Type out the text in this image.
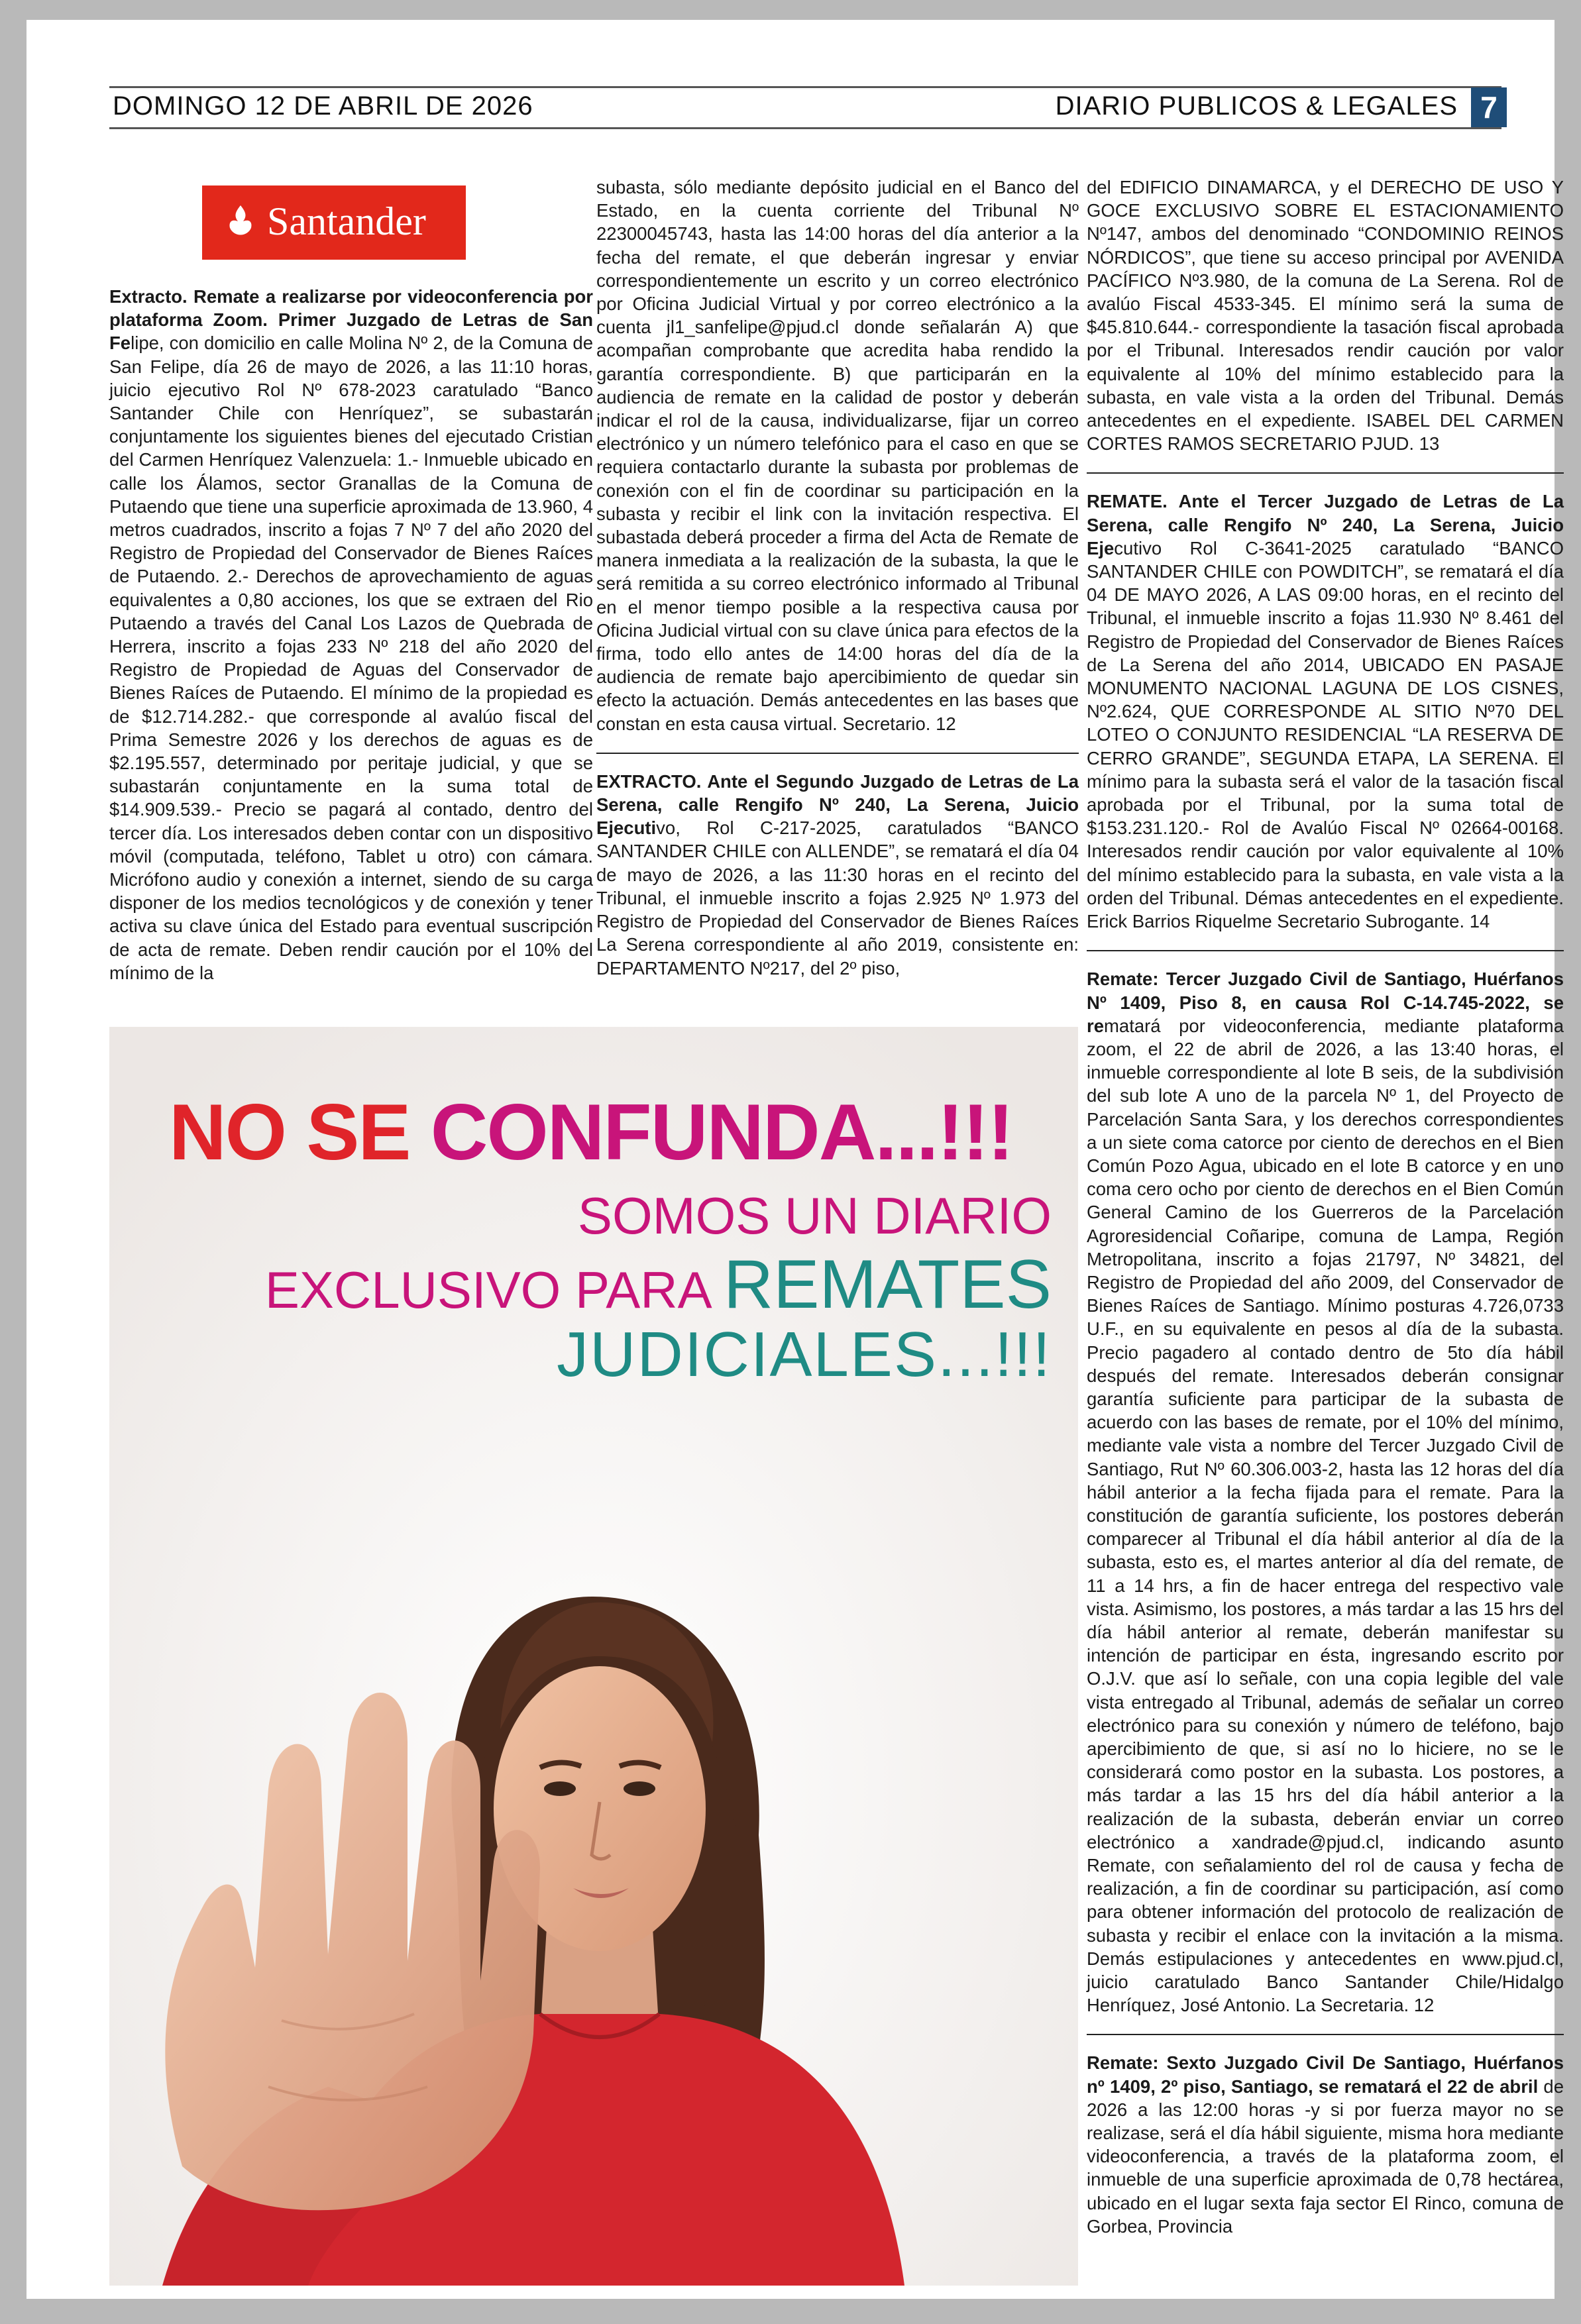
DOMINGO 12 DE ABRIL DE 2026	DIARIO PUBLICOS & LEGALES 7
Santander

Extracto. Remate a realizarse por videoconferencia por plataforma Zoom. Primer Juzgado de Letras de San Felipe, con domicilio en calle Molina Nº 2, de la Comuna de San Felipe, día 26 de mayo de 2026, a las 11:10 horas, juicio ejecutivo Rol Nº 678-2023 caratulado “Banco Santander Chile con Henríquez”, se subastarán conjuntamente los siguientes bienes del ejecutado Cristian del Carmen Henríquez Valenzuela: 1.- Inmueble ubicado en calle los Álamos, sector Granallas de la Comuna de Putaendo que tiene una superficie aproximada de 13.960, 4 metros cuadrados, inscrito a fojas 7 Nº 7 del año 2020 del Registro de Propiedad del Conservador de Bienes Raíces de Putaendo. 2.- Derechos de aprovechamiento de aguas equivalentes a 0,80 acciones, los que se extraen del Rio Putaendo a través del Canal Los Lazos de Quebrada de Herrera, inscrito a fojas 233 Nº 218 del año 2020 del Registro de Propiedad de Aguas del Conservador de Bienes Raíces de Putaendo. El mínimo de la propiedad es de $12.714.282.- que corresponde al avalúo fiscal del Prima Semestre 2026 y los derechos de aguas es de $2.195.557, determinado por peritaje judicial, y que se subastarán conjuntamente en la suma total de $14.909.539.- Precio se pagará al contado, dentro del tercer día. Los interesados deben contar con un dispositivo móvil (computada, teléfono, Tablet u otro) con cámara. Micrófono audio y conexión a internet, siendo de su carga disponer de los medios tecnológicos y de conexión y tener activa su clave única del Estado para eventual suscripción de acta de remate. Deben rendir caución por el 10% del mínimo de la

subasta, sólo mediante depósito judicial en el Banco del Estado, en la cuenta corriente del Tribunal Nº 22300045743, hasta las 14:00 horas del día anterior a la fecha del remate, el que deberán ingresar y enviar correspondientemente un escrito y un correo electrónico por Oficina Judicial Virtual y por correo electrónico a la cuenta jl1_sanfelipe@pjud.cl donde señalarán A) que acompañan comprobante que acredita haba rendido la garantía correspondiente. B) que participarán en la audiencia de remate en la calidad de postor y deberán indicar el rol de la causa, individualizarse, fijar un correo electrónico y un número telefónico para el caso en que se requiera contactarlo durante la subasta por problemas de conexión con el fin de coordinar su participación en la subasta y recibir el link con la invitación respectiva. El subastada deberá proceder a firma del Acta de Remate de manera inmediata a la realización de la subasta, la que le será remitida a su correo electrónico informado al Tribunal en el menor tiempo posible a la respectiva causa por Oficina Judicial virtual con su clave única para efectos de la firma, todo ello antes de 14:00 horas del día de la audiencia de remate bajo apercibimiento de quedar sin efecto la actuación. Demás antecedentes en las bases que constan en esta causa virtual. Secretario. 12

EXTRACTO. Ante el Segundo Juzgado de Letras de La Serena, calle Rengifo Nº 240, La Serena, Juicio Ejecutivo, Rol C-217-2025, caratulados “BANCO SANTANDER CHILE con ALLENDE”, se rematará el día 04 de mayo de 2026, a las 11:30 horas en el recinto del Tribunal, el inmueble inscrito a fojas 2.925 Nº 1.973 del Registro de Propiedad del Conservador de Bienes Raíces La Serena correspondiente al año 2019, consistente en: DEPARTAMENTO Nº217, del 2º piso,

del EDIFICIO DINAMARCA, y el DERECHO DE USO Y GOCE EXCLUSIVO SOBRE EL ESTACIONAMIENTO Nº147, ambos del denominado “CONDOMINIO REINOS NÓRDICOS”, que tiene su acceso principal por AVENIDA PACÍFICO Nº3.980, de la comuna de La Serena. Rol de avalúo Fiscal 4533-345. El mínimo será la suma de $45.810.644.- correspondiente la tasación fiscal aprobada por el Tribunal. Interesados rendir caución por valor equivalente al 10% del mínimo establecido para la subasta, en vale vista a la orden del Tribunal. Demás antecedentes en el expediente. ISABEL DEL CARMEN CORTES RAMOS SECRETARIO PJUD. 13

REMATE. Ante el Tercer Juzgado de Letras de La Serena, calle Rengifo Nº 240, La Serena, Juicio Ejecutivo Rol C-3641-2025 caratulado “BANCO SANTANDER CHILE con POWDITCH”, se rematará el día 04 DE MAYO 2026, A LAS 09:00 horas, en el recinto del Tribunal, el inmueble inscrito a fojas 11.930 Nº 8.461 del Registro de Propiedad del Conservador de Bienes Raíces de La Serena del año 2014, UBICADO EN PASAJE MONUMENTO NACIONAL LAGUNA DE LOS CISNES, Nº2.624, QUE CORRESPONDE AL SITIO Nº70 DEL LOTEO O CONJUNTO RESIDENCIAL “LA RESERVA DE CERRO GRANDE”, SEGUNDA ETAPA, LA SERENA. El mínimo para la subasta será el valor de la tasación fiscal aprobada por el Tribunal, por la suma total de $153.231.120.- Rol de Avalúo Fiscal Nº 02664-00168. Interesados rendir caución por valor equivalente al 10% del mínimo establecido para la subasta, en vale vista a la orden del Tribunal. Démas antecedentes en el expediente. Erick Barrios Riquelme Secretario Subrogante. 14

Remate: Tercer Juzgado Civil de Santiago, Huérfanos Nº 1409, Piso 8, en causa Rol C-14.745-2022, se rematará por videoconferencia, mediante plataforma zoom, el 22 de abril de 2026, a las 13:40 horas, el inmueble correspondiente al lote B seis, de la subdivisión del sub lote A uno de la parcela Nº 1, del Proyecto de Parcelación Santa Sara, y los derechos correspondientes a un siete coma catorce por ciento de derechos en el Bien Común Pozo Agua, ubicado en el lote B catorce y en uno coma cero ocho por ciento de derechos en el Bien Común General Camino de los Guerreros de la Parcelación Agroresidencial Coñaripe, comuna de Lampa, Región Metropolitana, inscrito a fojas 21797, Nº 34821, del Registro de Propiedad del año 2009, del Conservador de Bienes Raíces de Santiago. Mínimo posturas 4.726,0733 U.F., en su equivalente en pesos al día de la subasta. Precio pagadero al contado dentro de 5to día hábil después del remate. Interesados deberán consignar garantía suficiente para participar de la subasta de acuerdo con las bases de remate, por el 10% del mínimo, mediante vale vista a nombre del Tercer Juzgado Civil de Santiago, Rut Nº 60.306.003-2, hasta las 12 horas del día hábil anterior a la fecha fijada para el remate. Para la constitución de garantía suficiente, los postores deberán comparecer al Tribunal el día hábil anterior al día de la subasta, esto es, el martes anterior al día del remate, de 11 a 14 hrs, a fin de hacer entrega del respectivo vale vista. Asimismo, los postores, a más tardar a las 15 hrs del día hábil anterior al remate, deberán manifestar su intención de participar en ésta, ingresando escrito por O.J.V. que así lo señale, con una copia legible del vale vista entregado al Tribunal, además de señalar un correo electrónico para su conexión y número de teléfono, bajo apercibimiento de que, si así no lo hiciere, no se le considerará como postor en la subasta. Los postores, a más tardar a las 15 hrs del día hábil anterior a la realización de la subasta, deberán enviar un correo electrónico a xandrade@pjud.cl, indicando asunto Remate, con señalamiento del rol de causa y fecha de realización, a fin de coordinar su participación, así como para obtener información del protocolo de realización de subasta y recibir el enlace con la invitación a la misma. Demás estipulaciones y antecedentes en www.pjud.cl, juicio caratulado Banco Santander Chile/Hidalgo Henríquez, José Antonio. La Secretaria. 12

Remate: Sexto Juzgado Civil De Santiago, Huérfanos nº 1409, 2º piso, Santiago, se rematará el 22 de abril de 2026 a las 12:00 horas -y si por fuerza mayor no se realizase, será el día hábil siguiente, misma hora mediante videoconferencia, a través de la plataforma zoom, el inmueble de una superficie aproximada de 0,78 hectárea, ubicado en el lugar sexta faja sector El Rinco, comuna de Gorbea, Provincia

NO SE CONFUNDA...!!!
SOMOS UN DIARIO
EXCLUSIVO PARA REMATES
JUDICIALES...!!!
